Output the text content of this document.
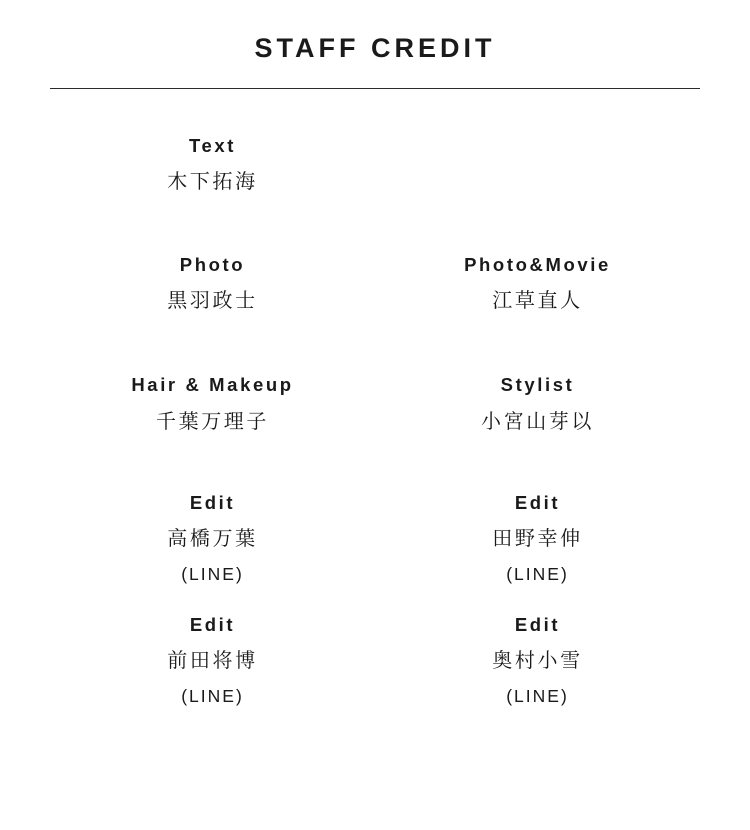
STAFF CREDIT
Text
木下拓海
Photo
黒羽政士
Photo&Movie
江草直人
Hair & Makeup
千葉万理子
Stylist
小宮山芽以
Edit
高橋万葉
(LINE)
Edit
田野幸伸
(LINE)
Edit
前田将博
(LINE)
Edit
奥村小雪
(LINE)
